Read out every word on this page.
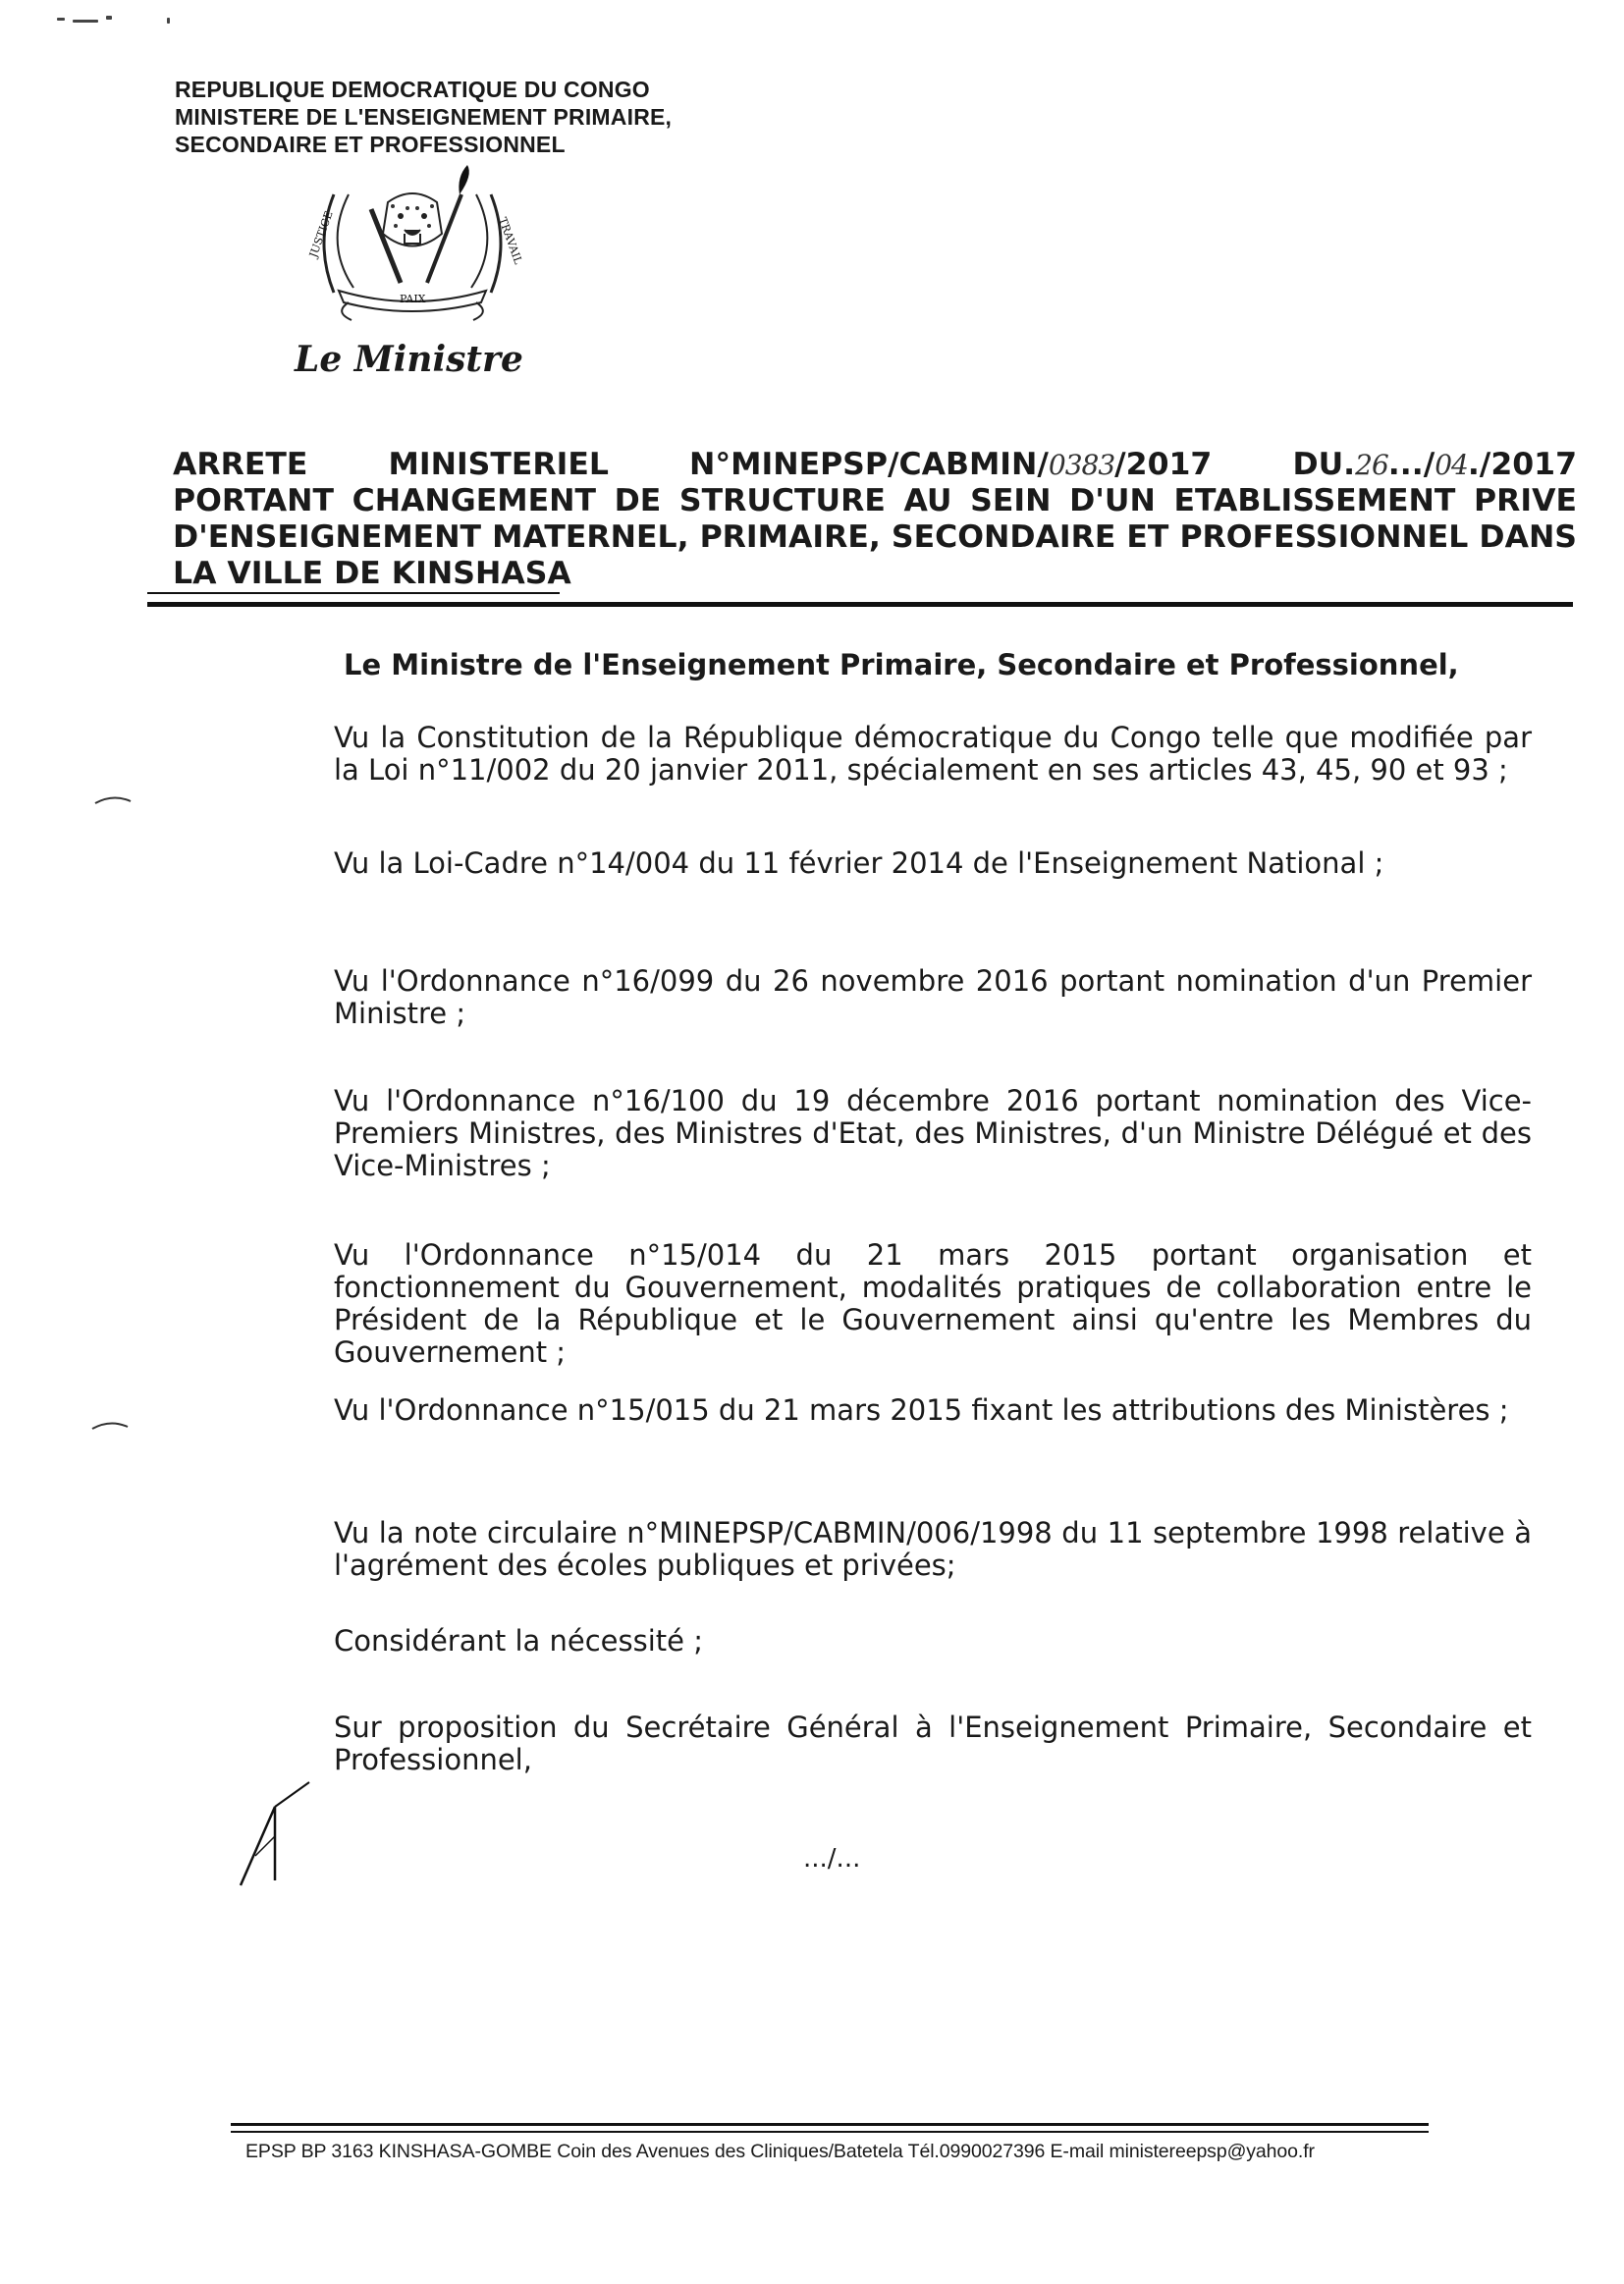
REPUBLIQUE DEMOCRATIQUE DU CONGO
MINISTERE DE L'ENSEIGNEMENT PRIMAIRE,
SECONDAIRE ET PROFESSIONNEL
JUSTICE	TRAVAIL
PAIX
Le Ministre
ARRETE MINISTERIEL N°MINEPSP/CABMIN/0383/2017 DU.26.../04./2017
PORTANT CHANGEMENT DE STRUCTURE AU SEIN D'UN ETABLISSEMENT PRIVE
D'ENSEIGNEMENT MATERNEL, PRIMAIRE, SECONDAIRE ET PROFESSIONNEL DANS
LA VILLE DE KINSHASA
Le Ministre de l'Enseignement Primaire, Secondaire et Professionnel,
Vu la Constitution de la République démocratique du Congo telle que modifiée par la Loi n°11/002 du 20 janvier 2011, spécialement en ses articles 43, 45, 90 et 93 ;
Vu la Loi-Cadre n°14/004 du 11 février 2014 de l'Enseignement National ;
Vu l'Ordonnance n°16/099 du 26 novembre 2016 portant nomination d'un Premier Ministre ;
Vu l'Ordonnance n°16/100 du 19 décembre 2016 portant nomination des Vice-Premiers Ministres, des Ministres d'Etat, des Ministres, d'un Ministre Délégué et des Vice-Ministres ;
Vu l'Ordonnance n°15/014 du 21 mars 2015 portant organisation et fonctionnement du Gouvernement, modalités pratiques de collaboration entre le Président de la République et le Gouvernement ainsi qu'entre les Membres du Gouvernement ;
Vu l'Ordonnance n°15/015 du 21 mars 2015 fixant les attributions des Ministères ;
Vu la note circulaire n°MINEPSP/CABMIN/006/1998 du 11 septembre 1998 relative à l'agrément des écoles publiques et privées;
Considérant la nécessité ;
Sur proposition du Secrétaire Général à l'Enseignement Primaire, Secondaire et Professionnel,
.../...
EPSP BP 3163 KINSHASA-GOMBE Coin des Avenues des Cliniques/Batetela Tél.0990027396 E-mail ministereepsp@yahoo.fr
